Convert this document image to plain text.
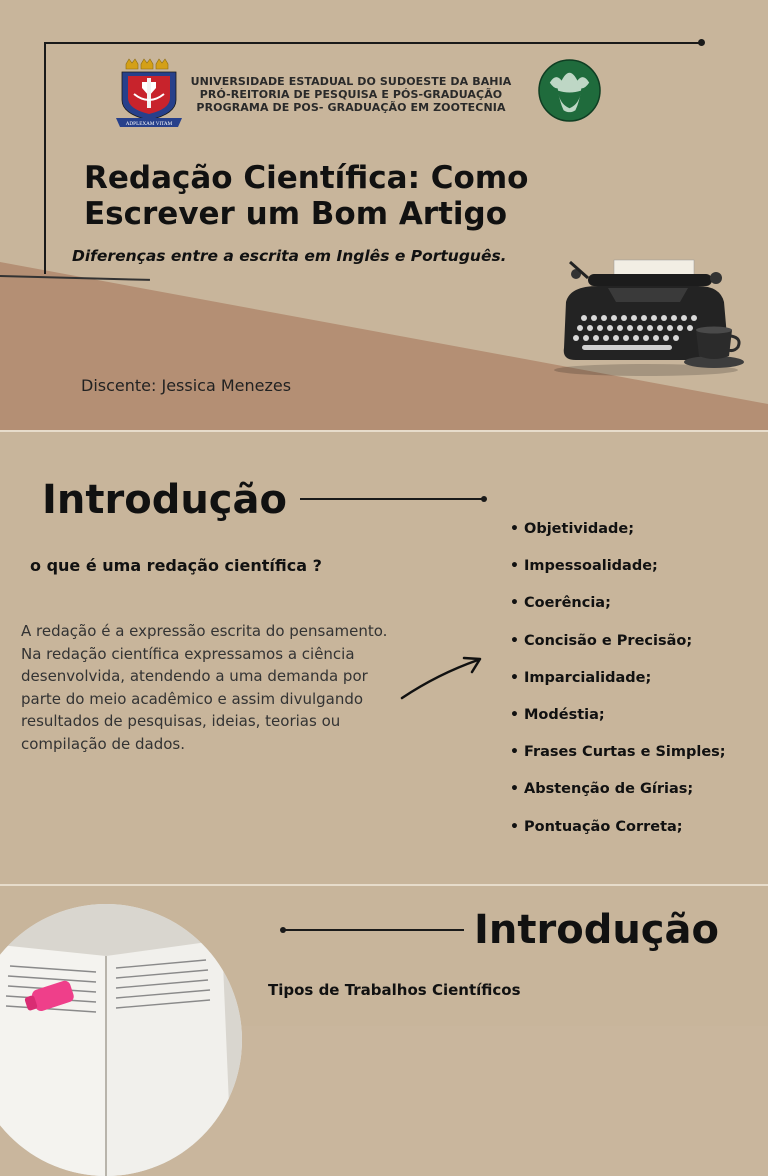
ADPLEXAM VITAM
UNIVERSIDADE ESTADUAL DO SUDOESTE DA BAHIA
PRÓ-REITORIA DE PESQUISA E PÓS-GRADUAÇÃO
PROGRAMA DE POS- GRADUAÇÃO EM ZOOTECNIA
Redação Científica: Como
Escrever um Bom Artigo
Diferenças entre a escrita em Inglês e Português.
Discente: Jessica Menezes
Introdução
o que é uma redação científica ?

A redação é a expressão escrita do pensamento.
Na redação científica expressamos a ciência
desenvolvida, atendendo a uma demanda por
parte do meio acadêmico e assim divulgando
resultados de pesquisas, ideias, teorias ou
compilação de dados.

• Objetividade;
• Impessoalidade;
• Coerência;
• Concisão e Precisão;
• Imparcialidade;
• Modéstia;
• Frases Curtas e Simples;
• Abstenção de Gírias;
• Pontuação Correta;
Introdução
Tipos de Trabalhos Científicos
